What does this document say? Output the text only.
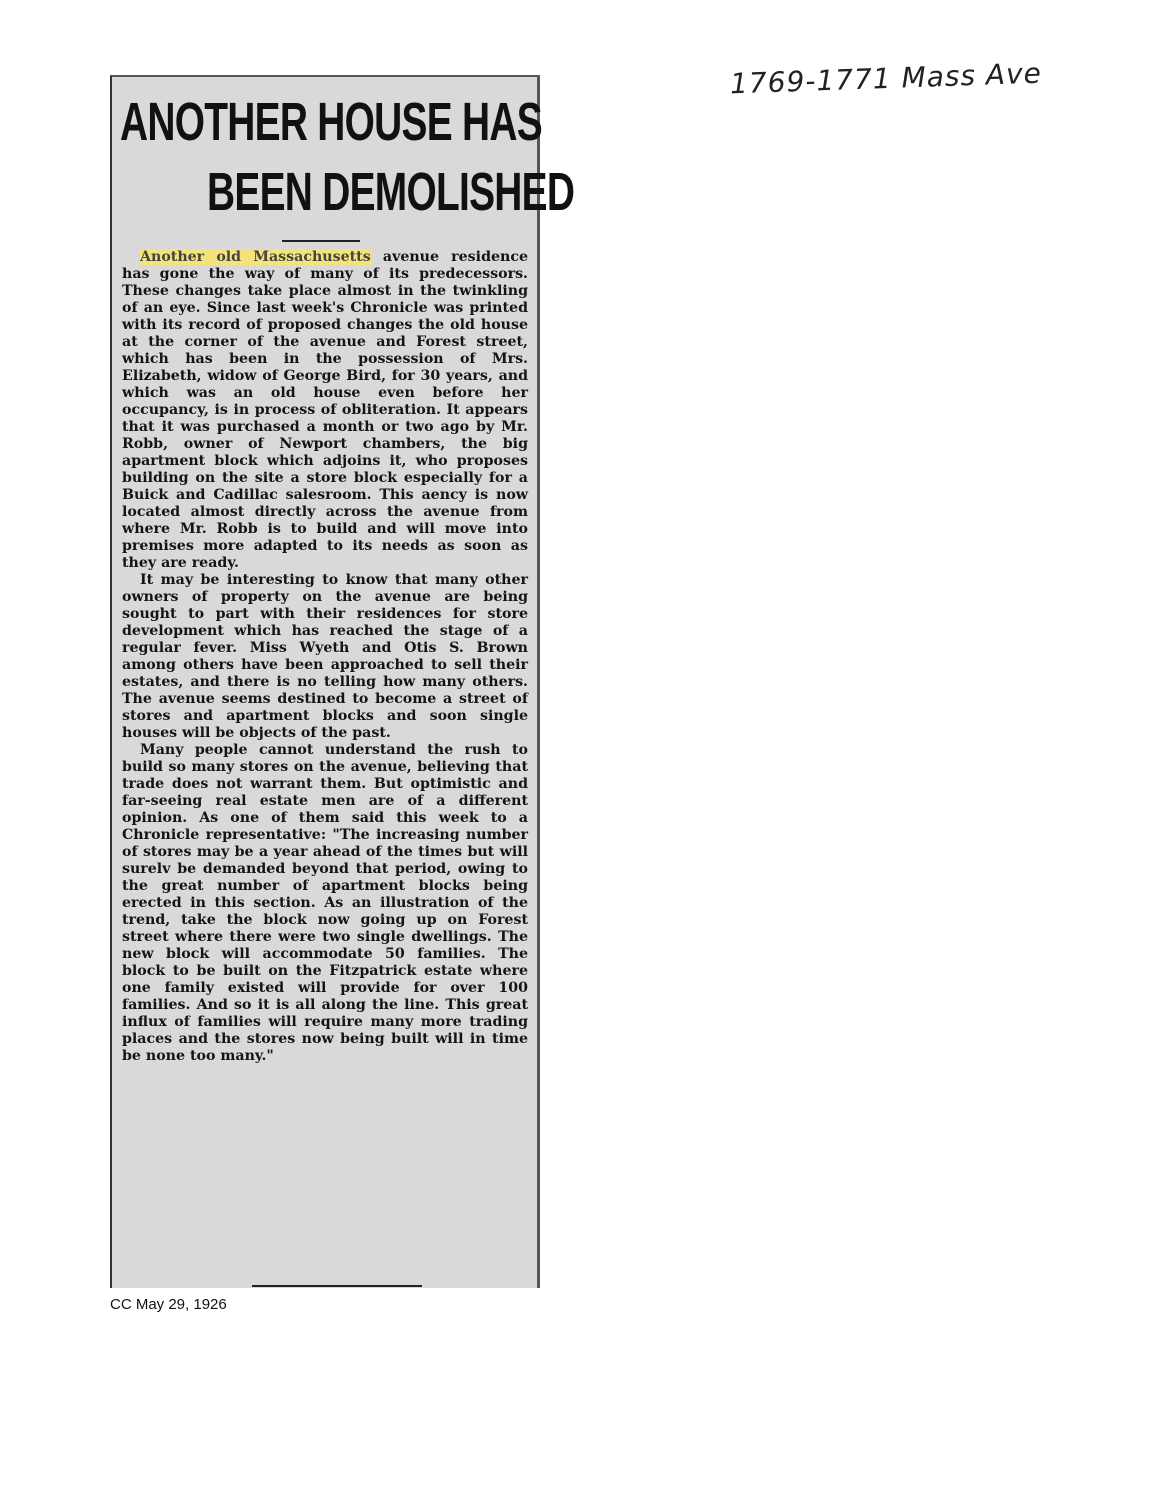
1769-1771 Mass Ave
ANOTHER HOUSE HAS
BEEN DEMOLISHED

Another old Massachusetts avenue residence has gone the way of many of its predecessors. These changes take place almost in the twinkling of an eye. Since last week's Chronicle was printed with its record of proposed changes the old house at the corner of the avenue and Forest street, which has been in the possession of Mrs. Elizabeth, widow of George Bird, for 30 years, and which was an old house even before her occupancy, is in process of obliteration. It appears that it was purchased a month or two ago by Mr. Robb, owner of Newport chambers, the big apartment block which adjoins it, who proposes building on the site a store block especially for a Buick and Cadillac salesroom. This aency is now located almost directly across the avenue from where Mr. Robb is to build and will move into premises more adapted to its needs as soon as they are ready.

It may be interesting to know that many other owners of property on the avenue are being sought to part with their residences for store development which has reached the stage of a regular fever. Miss Wyeth and Otis S. Brown among others have been approached to sell their estates, and there is no telling how many others. The avenue seems destined to become a street of stores and apartment blocks and soon single houses will be objects of the past.

Many people cannot understand the rush to build so many stores on the avenue, believing that trade does not warrant them. But optimistic and far-seeing real estate men are of a different opinion. As one of them said this week to a Chronicle representative: "The increasing number of stores may be a year ahead of the times but will surelv be demanded beyond that period, owing to the great number of apartment blocks being erected in this section. As an illustration of the trend, take the block now going up on Forest street where there were two single dwellings. The new block will accommodate 50 families. The block to be built on the Fitzpatrick estate where one family existed will provide for over 100 families. And so it is all along the line. This great influx of families will require many more trading places and the stores now being built will in time be none too many."

CC May 29, 1926
